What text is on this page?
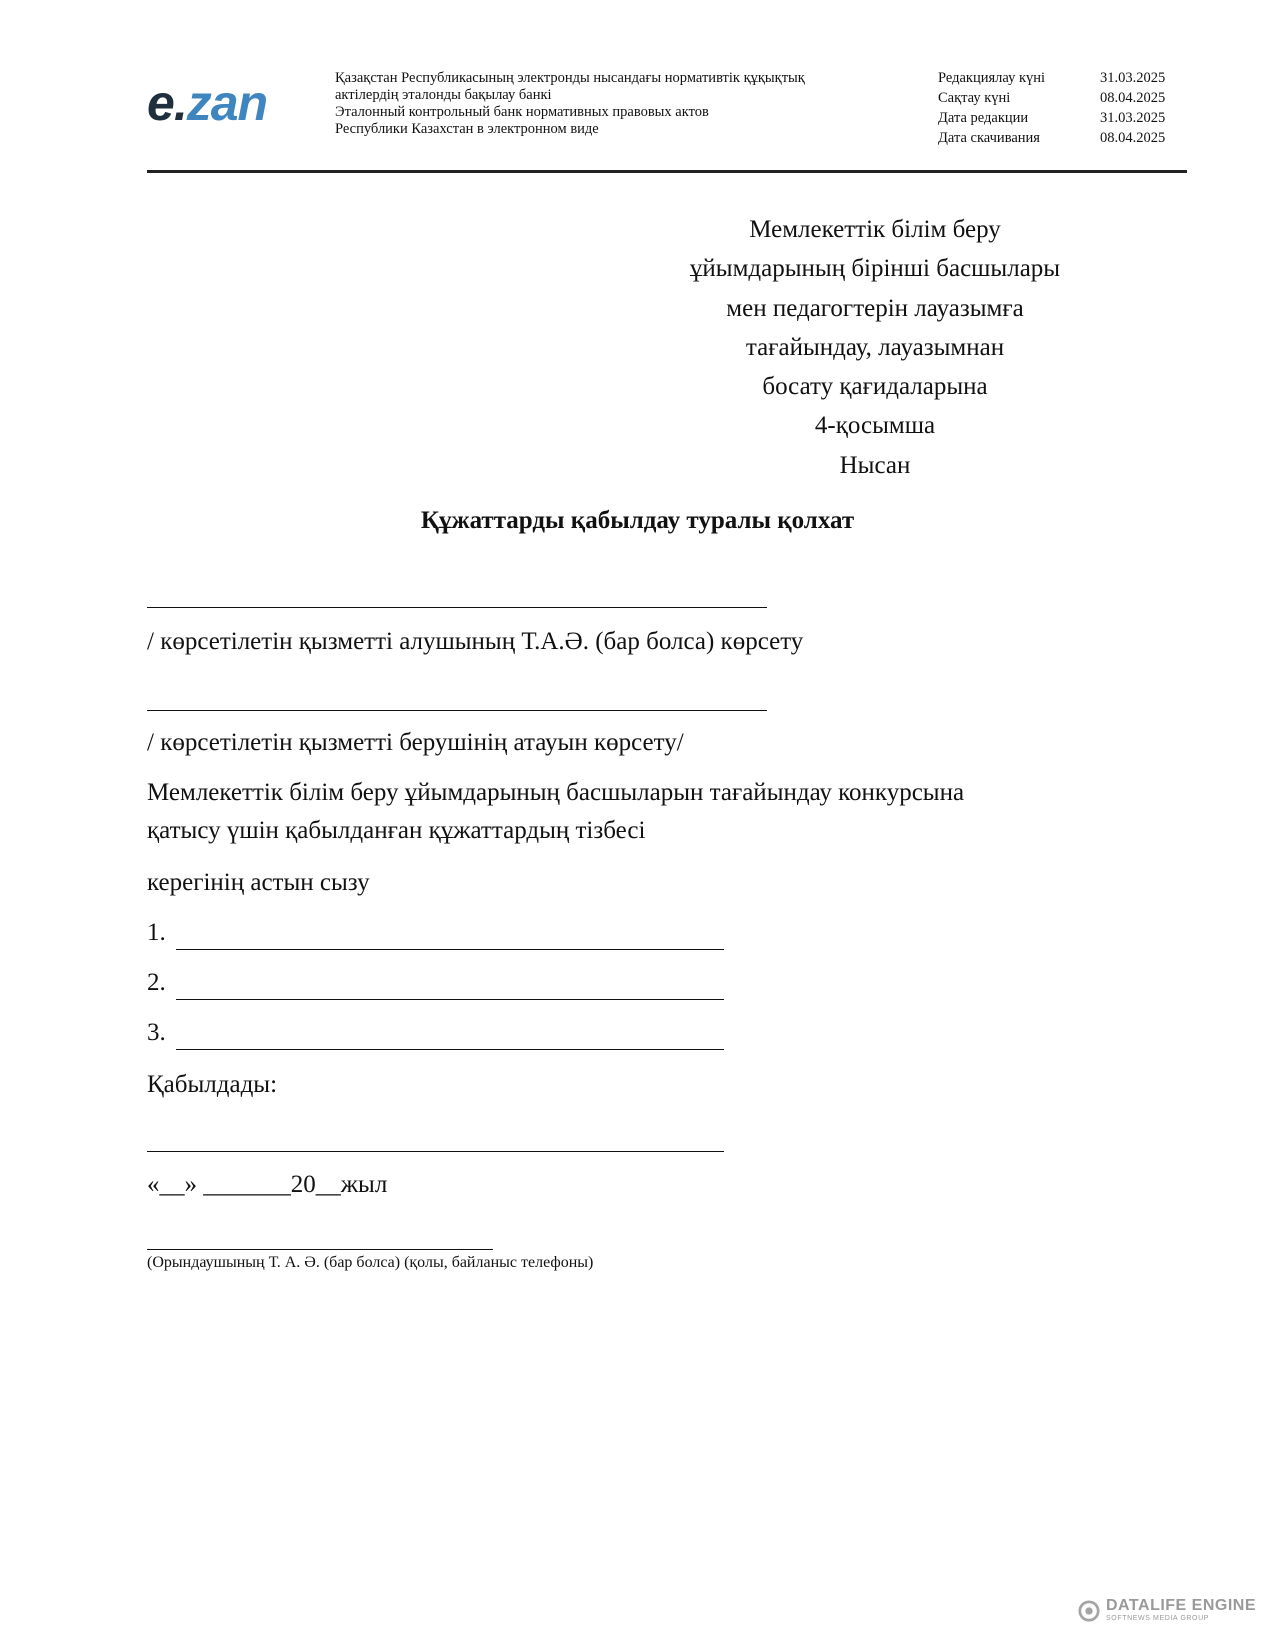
e.zan	Қазақстан Республикасының электронды нысандағы нормативтік құқықтық
актілердің эталонды бақылау банкі
Эталонный контрольный банк нормативных правовых актов
Республики Казахстан в электронном виде
Редакциялау күні	31.03.2025
Сақтау күні	08.04.2025
Дата редакции	31.03.2025
Дата скачивания	08.04.2025
Мемлекеттік білім беру
ұйымдарының бірінші басшылары
мен педагогтерін лауазымға
тағайындау, лауазымнан
босату қағидаларына
4-қосымша
Нысан
Құжаттарды қабылдау туралы қолхат
/ көрсетілетін қызметті алушының Т.А.Ә. (бар болса) көрсету
/ көрсетілетін қызметті берушінің атауын көрсету/
Мемлекеттік білім беру ұйымдарының басшыларын тағайындау конкурсына
қатысу үшін қабылданған құжаттардың тізбесі
керегінің астын сызу
1.
2.
3.
Қабылдады:
«__» _______20__жыл
(Орындаушының Т. А. Ә. (бар болса) (қолы, байланыс телефоны)
DATALIFE ENGINE
SOFTNEWS MEDIA GROUP
